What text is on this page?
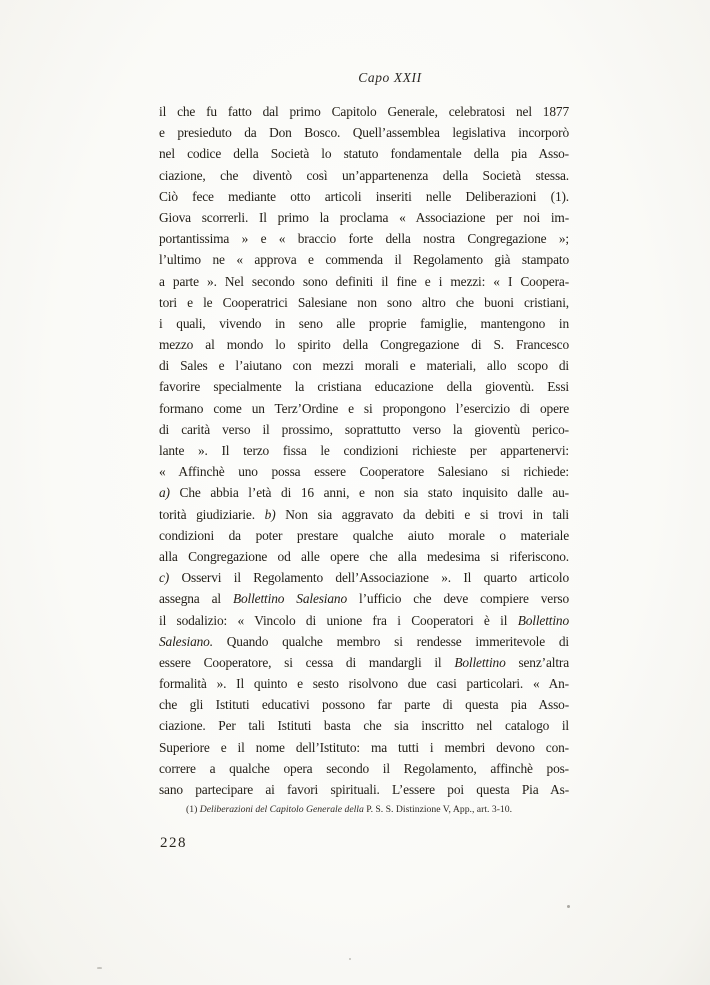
Capo XXII
il che fu fatto dal primo Capitolo Generale, celebratosi nel 1877
e presieduto da Don Bosco. Quell’assemblea legislativa incorporò
nel codice della Società lo statuto fondamentale della pia Asso-
ciazione, che diventò così un’appartenenza della Società stessa.
Ciò fece mediante otto articoli inseriti nelle Deliberazioni (1).
Giova scorrerli. Il primo la proclama « Associazione per noi im-
portantissima » e « braccio forte della nostra Congregazione »;
l’ultimo ne « approva e commenda il Regolamento già stampato
a parte ». Nel secondo sono definiti il fine e i mezzi: « I Coopera-
tori e le Cooperatrici Salesiane non sono altro che buoni cristiani,
i quali, vivendo in seno alle proprie famiglie, mantengono in
mezzo al mondo lo spirito della Congregazione di S. Francesco
di Sales e l’aiutano con mezzi morali e materiali, allo scopo di
favorire specialmente la cristiana educazione della gioventù. Essi
formano come un Terz’Ordine e si propongono l’esercizio di opere
di carità verso il prossimo, soprattutto verso la gioventù perico-
lante ». Il terzo fissa le condizioni richieste per appartenervi:
« Affinchè uno possa essere Cooperatore Salesiano si richiede:
a) Che abbia l’età di 16 anni, e non sia stato inquisito dalle au-
torità giudiziarie. b) Non sia aggravato da debiti e si trovi in tali
condizioni da poter prestare qualche aiuto morale o materiale
alla Congregazione od alle opere che alla medesima si riferiscono.
c) Osservi il Regolamento dell’Associazione ». Il quarto articolo
assegna al Bollettino Salesiano l’ufficio che deve compiere verso
il sodalizio: « Vincolo di unione fra i Cooperatori è il Bollettino
Salesiano. Quando qualche membro si rendesse immeritevole di
essere Cooperatore, si cessa di mandargli il Bollettino senz’altra
formalità ». Il quinto e sesto risolvono due casi particolari. « An-
che gli Istituti educativi possono far parte di questa pia Asso-
ciazione. Per tali Istituti basta che sia inscritto nel catalogo il
Superiore e il nome dell’Istituto: ma tutti i membri devono con-
correre a qualche opera secondo il Regolamento, affinchè pos-
sano partecipare ai favori spirituali. L’essere poi questa Pia As-
(1) Deliberazioni del Capitolo Generale della P. S. S. Distinzione V, App., art. 3-10.
228
